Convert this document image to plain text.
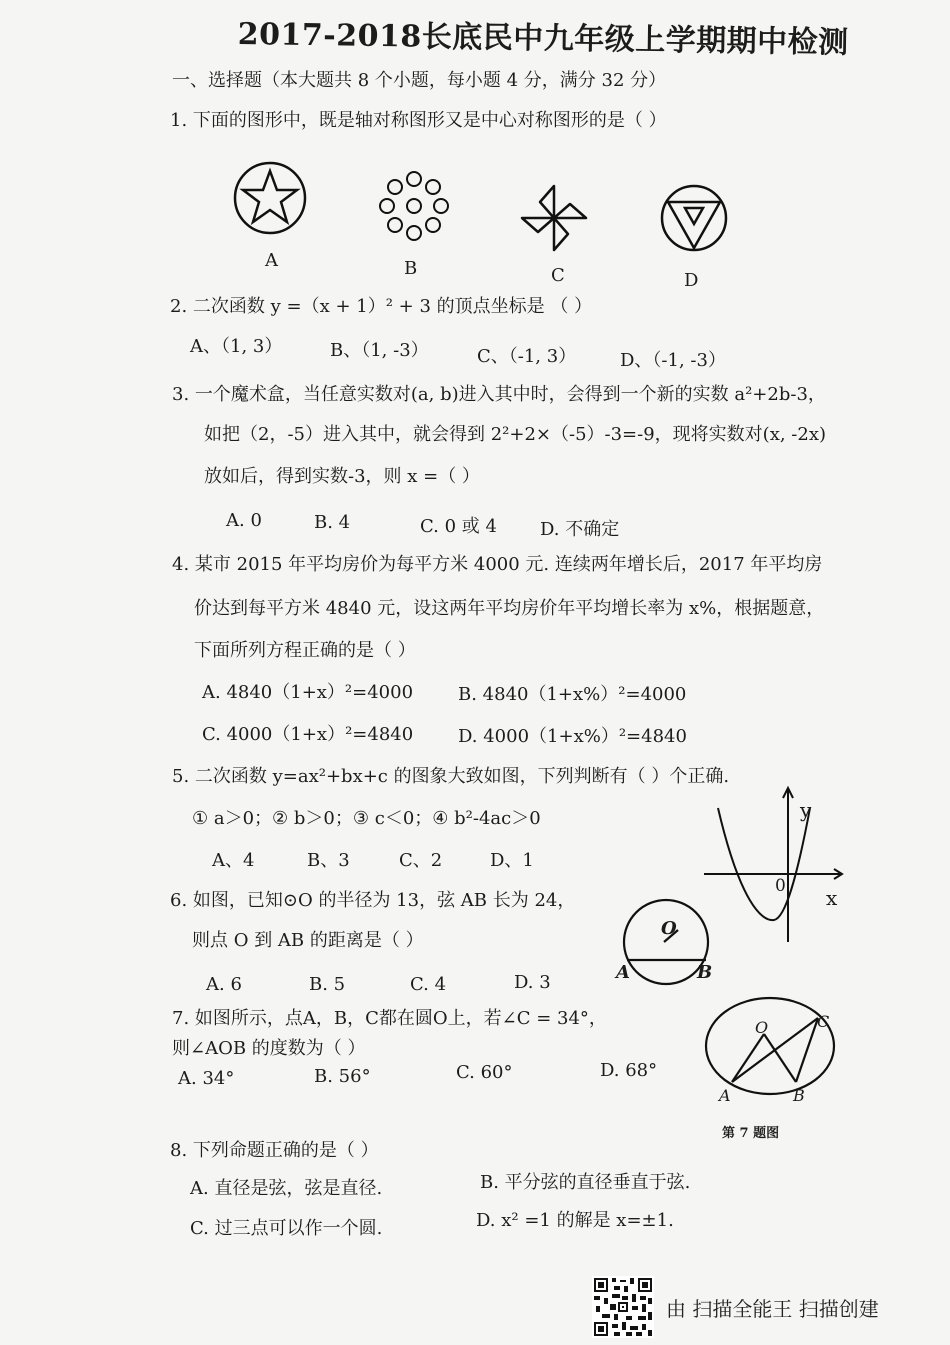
2017-2018长底民中九年级上学期期中检测
一、选择题（本大题共 8 个小题，每小题 4 分，满分 32 分）
1. 下面的图形中，既是轴对称图形又是中心对称图形的是（ ）
A	B	C	D
2. 二次函数 y =（x + 1）² + 3 的顶点坐标是 （ ）
A、（1, 3）	B、（1, -3）	C、（-1, 3） D、（-1, -3）
3. 一个魔术盒，当任意实数对(a, b)进入其中时，会得到一个新的实数 a²+2b-3，
如把（2，-5）进入其中，就会得到 2²+2×（-5）-3=-9，现将实数对(x, -2x)
放如后，得到实数-3，则 x =（ ）
A. 0	B. 4	C. 0 或 4 D. 不确定
4. 某市 2015 年平均房价为每平方米 4000 元. 连续两年增长后，2017 年平均房
价达到每平方米 4840 元，设这两年平均房价年平均增长率为 x%，根据题意，
下面所列方程正确的是（ ）
A. 4840（1+x）²=4000 B. 4840（1+x%）²=4000
C. 4000（1+x）²=4840 D. 4000（1+x%）²=4840
5. 二次函数 y=ax²+bx+c 的图象大致如图，下列判断有（ ）个正确.
① a＞0；② b＞0；③ c＜0；④ b²-4ac＞0
A、4	B、3	C、2	D、1
y
x
0
6. 如图，已知⊙O 的半径为 13，弦 AB 长为 24，
则点 O 到 AB 的距离是（ ）
A. 6	B. 5	C. 4	D. 3
O
A	B
7. 如图所示，点A，B，C都在圆O上，若∠C = 34°，
则∠AOB 的度数为（ ）
A. 34°	B. 56°	C. 60°	D. 68°
O	C
A	B
第 7 题图
8. 下列命题正确的是（ ）
A. 直径是弦，弦是直径.	B. 平分弦的直径垂直于弦.
C. 过三点可以作一个圆.	D. x² =1 的解是 x=±1.
由 扫描全能王 扫描创建
